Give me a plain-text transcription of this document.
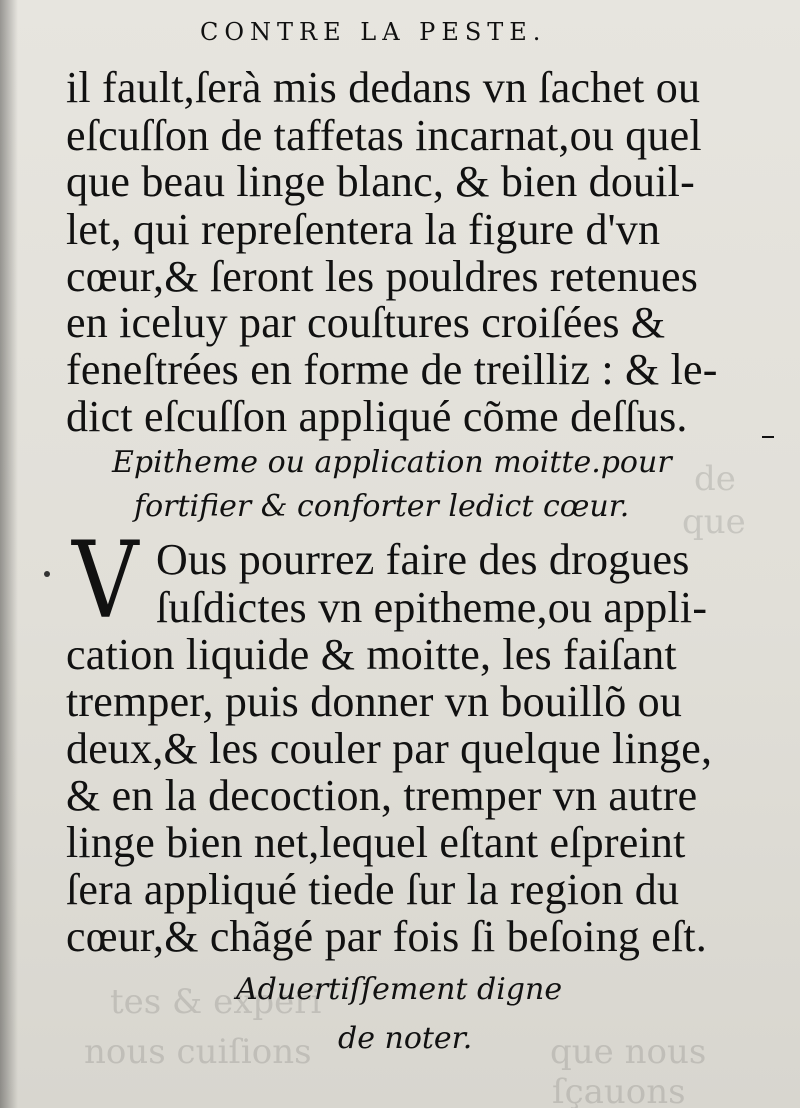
de
que
tes & experi
nous cuiſions	que nous
ſçauons
CONTRE LA PESTE.
il fault,ſerà mis dedans vn ſachet ou
eſcuſſon de taffetas incarnat,ou quel
que beau linge blanc, & bien douil-
let, qui repreſentera la figure d'vn
cœur,& ſeront les pouldres retenues
en iceluy par couſtures croiſées &
feneſtrées en forme de treilliz : & le-
dict eſcuſſon appliqué cõme deſſus.
Epitheme ou application moitte.pour
fortifier & conforter ledict cœur.
V Ous pourrez faire des drogues
ſuſdictes vn epitheme,ou appli-
cation liquide & moitte, les faiſant
tremper, puis donner vn bouillõ ou
deux,& les couler par quelque linge,
& en la decoction, tremper vn autre
linge bien net,lequel eſtant eſpreint
ſera appliqué tiede ſur la region du
cœur,& chãgé par fois ſi beſoing eſt.
Aduertiſſement digne
de noter.
